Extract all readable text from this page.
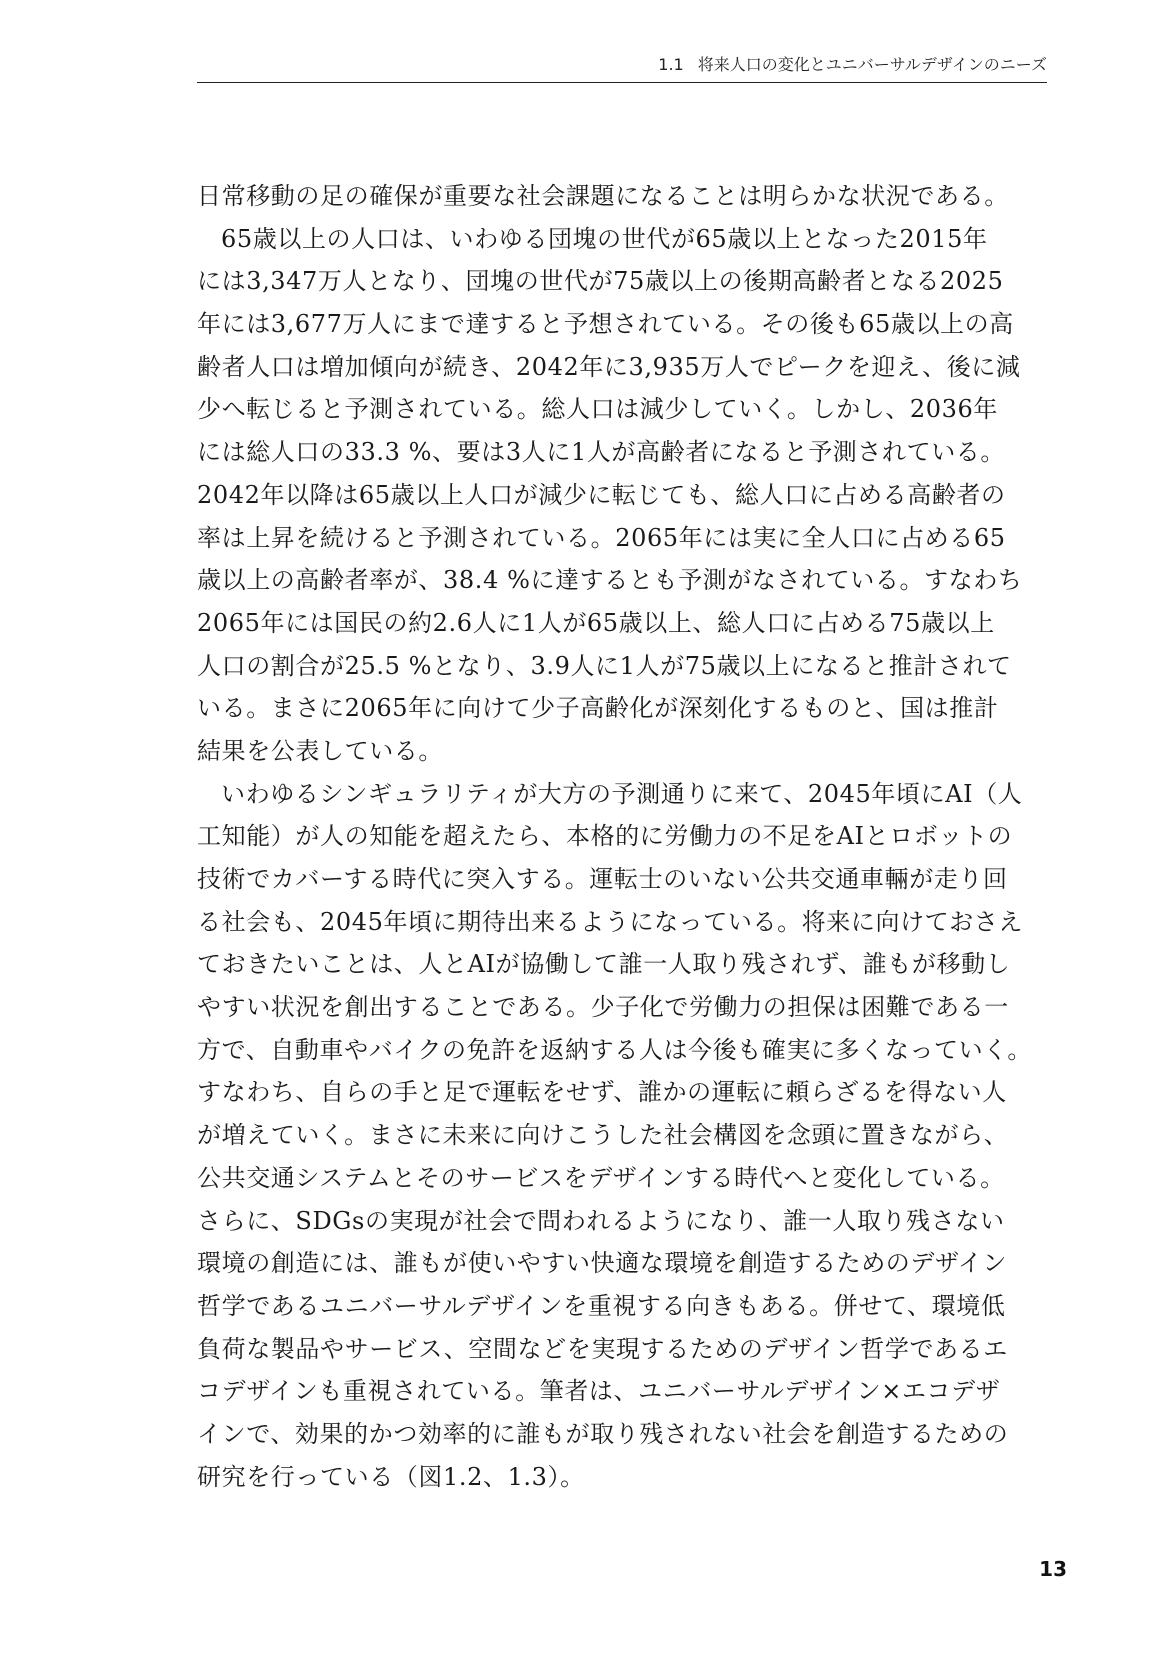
1.1 将来人口の変化とユニバーサルデザインのニーズ
日常移動の足の確保が重要な社会課題になることは明らかな状況である。
65歳以上の人口は、いわゆる団塊の世代が65歳以上となった2015年
には3,347万人となり、団塊の世代が75歳以上の後期高齢者となる2025
年には3,677万人にまで達すると予想されている。その後も65歳以上の高
齢者人口は増加傾向が続き、2042年に3,935万人でピークを迎え、後に減
少へ転じると予測されている。総人口は減少していく。しかし、2036年
には総人口の33.3 %、要は3人に1人が高齢者になると予測されている。
2042年以降は65歳以上人口が減少に転じても、総人口に占める高齢者の
率は上昇を続けると予測されている。2065年には実に全人口に占める65
歳以上の高齢者率が、38.4 %に達するとも予測がなされている。すなわち
2065年には国民の約2.6人に1人が65歳以上、総人口に占める75歳以上
人口の割合が25.5 %となり、3.9人に1人が75歳以上になると推計されて
いる。まさに2065年に向けて少子高齢化が深刻化するものと、国は推計
結果を公表している。
いわゆるシンギュラリティが大方の予測通りに来て、2045年頃にAI（人
工知能）が人の知能を超えたら、本格的に労働力の不足をAIとロボットの
技術でカバーする時代に突入する。運転士のいない公共交通車輛が走り回
る社会も、2045年頃に期待出来るようになっている。将来に向けておさえ
ておきたいことは、人とAIが協働して誰一人取り残されず、誰もが移動し
やすい状況を創出することである。少子化で労働力の担保は困難である一
方で、自動車やバイクの免許を返納する人は今後も確実に多くなっていく。
すなわち、自らの手と足で運転をせず、誰かの運転に頼らざるを得ない人
が増えていく。まさに未来に向けこうした社会構図を念頭に置きながら、
公共交通システムとそのサービスをデザインする時代へと変化している。
さらに、SDGsの実現が社会で問われるようになり、誰一人取り残さない
環境の創造には、誰もが使いやすい快適な環境を創造するためのデザイン
哲学であるユニバーサルデザインを重視する向きもある。併せて、環境低
負荷な製品やサービス、空間などを実現するためのデザイン哲学であるエ
コデザインも重視されている。筆者は、ユニバーサルデザイン×エコデザ
インで、効果的かつ効率的に誰もが取り残されない社会を創造するための
研究を行っている（図1.2、1.3）。
13
